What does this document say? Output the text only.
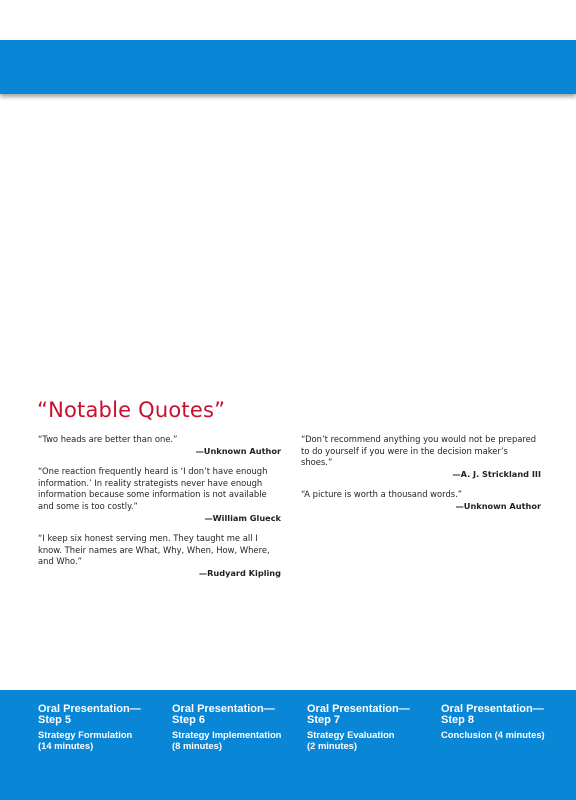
“Notable Quotes”

“Two heads are better than one.”
—Unknown Author

“One reaction frequently heard is ‘I don’t have enough information.’ In reality strategists never have enough information because some information is not available and some is too costly.”
—William Glueck

“I keep six honest serving men. They taught me all I know. Their names are What, Why, When, How, Where, and Who.”
—Rudyard Kipling

“Don’t recommend anything you would not be prepared to do yourself if you were in the decision maker’s shoes.”
—A. J. Strickland III

“A picture is worth a thousand words.”
—Unknown Author

Oral Presentation—
Step 5
Strategy Formulation
(14 minutes)
Oral Presentation—
Step 6
Strategy Implementation
(8 minutes)
Oral Presentation—
Step 7
Strategy Evaluation
(2 minutes)
Oral Presentation—
Step 8
Conclusion (4 minutes)
